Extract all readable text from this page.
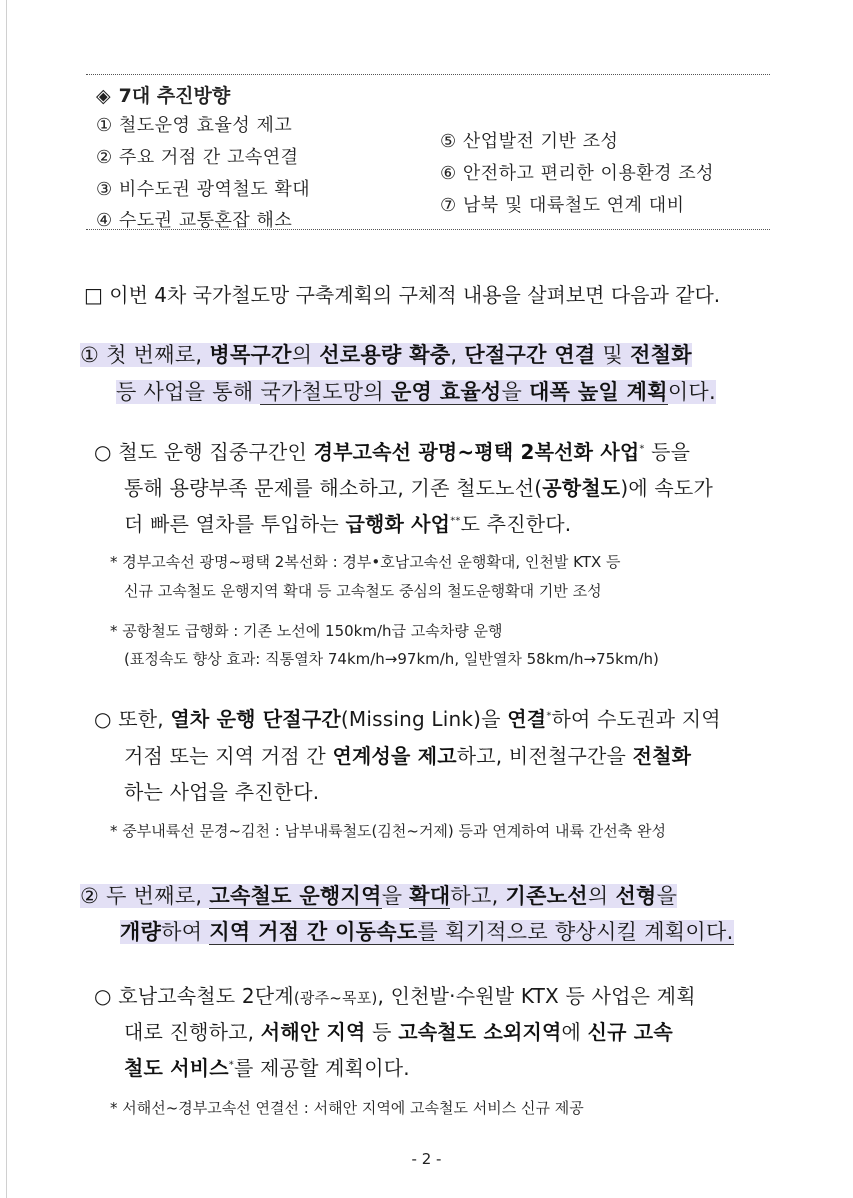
◈ 7대 추진방향
① 철도운영 효율성 제고
② 주요 거점 간 고속연결
③ 비수도권 광역철도 확대
④ 수도권 교통혼잡 해소
⑤ 산업발전 기반 조성
⑥ 안전하고 편리한 이용환경 조성
⑦ 남북 및 대륙철도 연계 대비
□ 이번 4차 국가철도망 구축계획의 구체적 내용을 살펴보면 다음과 같다.
① 첫 번째로, 병목구간의 선로용량 확충, 단절구간 연결 및 전철화
등 사업을 통해 국가철도망의 운영 효율성을 대폭 높일 계획이다.
○ 철도 운행 집중구간인 경부고속선 광명~평택 2복선화 사업* 등을
통해 용량부족 문제를 해소하고, 기존 철도노선(공항철도)에 속도가
더 빠른 열차를 투입하는 급행화 사업**도 추진한다.
* 경부고속선 광명~평택 2복선화 : 경부•호남고속선 운행확대, 인천발 KTX 등
신규 고속철도 운행지역 확대 등 고속철도 중심의 철도운행확대 기반 조성
* 공항철도 급행화 : 기존 노선에 150km/h급 고속차량 운행
(표정속도 향상 효과: 직통열차 74km/h→97km/h, 일반열차 58km/h→75km/h)
○ 또한, 열차 운행 단절구간(Missing Link)을 연결*하여 수도권과 지역
거점 또는 지역 거점 간 연계성을 제고하고, 비전철구간을 전철화
하는 사업을 추진한다.
* 중부내륙선 문경~김천 : 남부내륙철도(김천~거제) 등과 연계하여 내륙 간선축 완성
② 두 번째로, 고속철도 운행지역을 확대하고, 기존노선의 선형을
개량하여 지역 거점 간 이동속도를 획기적으로 향상시킬 계획이다.
○ 호남고속철도 2단계(광주~목포), 인천발·수원발 KTX 등 사업은 계획
대로 진행하고, 서해안 지역 등 고속철도 소외지역에 신규 고속
철도 서비스*를 제공할 계획이다.
* 서해선~경부고속선 연결선 : 서해안 지역에 고속철도 서비스 신규 제공
- 2 -
